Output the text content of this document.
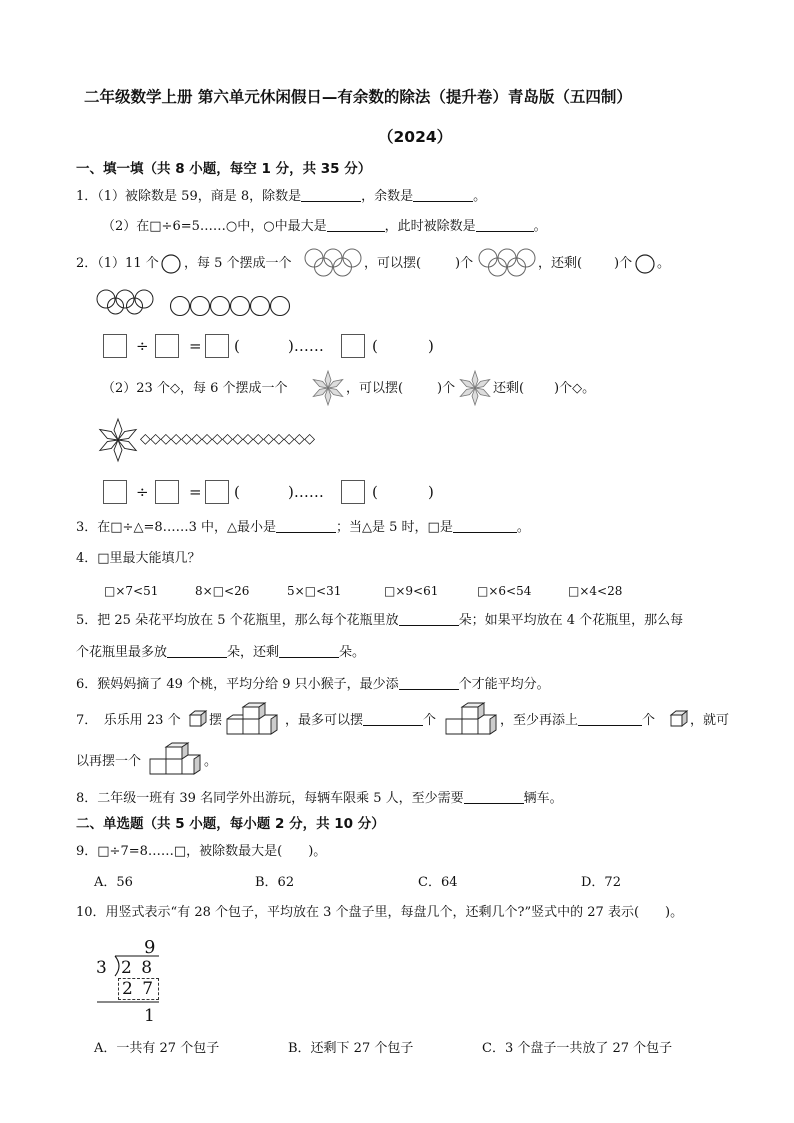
二年级数学上册 第六单元休闲假日—有余数的除法（提升卷）青岛版（五四制）
（2024）
一、填一填（共 8 小题，每空 1 分，共 35 分）
1．（1）被除数是 59，商是 8，除数是	，余数是	。
（2）在□÷6=5……○中，○中最大是	，此时被除数是	。
2．（1）11 个 ，每 5 个摆成一个	，可以摆(	)个	，还剩( )个 。
÷	= (	)……	(	)
（2）23 个◇，每 6 个摆成一个	，可以摆(	)个	还剩( )个◇。
◇◇◇◇◇◇◇◇◇◇◇◇◇◇◇◇◇
÷	= (	)……	(	)
3．在□÷△=8……3 中，△最小是	；当△是 5 时，□是	。
4．□里最大能填几？
□×7<51	8×□<26	5×□<31	□×9<61	□×6<54	□×4<28
5．把 25 朵花平均放在 5 个花瓶里，那么每个花瓶里放	朵；如果平均放在 4 个花瓶里，那么每
个花瓶里最多放	朵，还剩	朵。
6．猴妈妈摘了 49 个桃，平均分给 9 只小猴子，最少添	个才能平均分。
7．　乐乐用 23 个 摆	，最多可以摆	个	，至少再添上	个	，就可
以再摆一个	。
8．二年级一班有 39 名同学外出游玩，每辆车限乘 5 人，至少需要	辆车。
二、单选题（共 5 小题，每小题 2 分，共 10 分）
9．□÷7=8……□，被除数最大是(　　)。
A．56	B．62	C．64	D．72
10．用竖式表示“有 28 个包子，平均放在 3 个盘子里，每盘几个，还剩几个?”竖式中的 27 表示(　　)。
9
3 2 8
2 7
1
A．一共有 27 个包子	B．还剩下 27 个包子	C．3 个盘子一共放了 27 个包子
